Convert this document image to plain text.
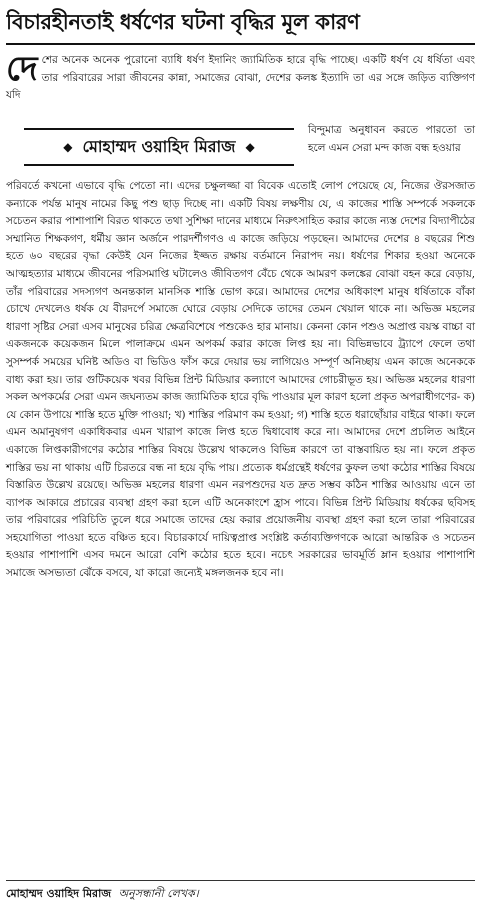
বিচারহীনতাই ধর্ষণের ঘটনা বৃদ্ধির মূল কারণ
দেশের অনেক অনেক পুরোনো ব্যাধি ধর্ষণ ইদানিং জ্যামিতিক হারে বৃদ্ধি পাচ্ছে। একটি ধর্ষণ যে ধর্ষিতা এবং তার পরিবারের সারা জীবনের কান্না, সমাজের বোঝা, দেশের কলঙ্ক ইত্যাদি তা এর সঙ্গে জড়িত ব্যক্তিগণ যদি
◆ মোহাম্মদ ওয়াহিদ মিরাজ ◆
বিন্দুমাত্র অনুধাবন করতে পারতো তা হলে এমন সেরা মন্দ কাজ বন্ধ হওয়ার

পরিবর্তে কখনো এভাবে বৃদ্ধি পেতো না। এদের চক্ষুলজ্জা বা বিবেক এতোই লোপ পেয়েছে যে, নিজের ঔরসজাত কন্যাকে পর্যন্ত মানুষ নামের কিছু পশু ছাড় দিচ্ছে না। একটি বিষয় লক্ষণীয় যে, এ কাজের শাস্তি সম্পর্কে সকলকে সচেতন করার পাশাপাশি বিরত থাকতে তথা সুশিক্ষা দানের মাধ্যমে নিরুৎসাহিত করার কাজে ন্যস্ত দেশের বিদ্যাপীঠের সম্মানিত শিক্ষকগণ, ধর্মীয় জ্ঞান অর্জনে পারদর্শীগণও এ কাজে জড়িয়ে পড়ছেন। আমাদের দেশের ৪ বছরের শিশু হতে ৬০ বছরের বৃদ্ধা কেউই যেন নিজের ইজ্জত রক্ষায় বর্তমানে নিরাপদ নয়। ধর্ষণের শিকার হওয়া অনেকে আত্মহত্যার মাধ্যমে জীবনের পরিসমাপ্তি ঘটালেও জীবিতগণ বেঁচে থেকে আমরণ কলঙ্কের বোঝা বহন করে বেড়ায়, তাঁর পরিবারের সদস্যগণ অনন্তকাল মানসিক শাস্তি ভোগ করে। আমাদের দেশের অধিকাংশ মানুষ ধর্ষিতাকে বাঁকা চোখে দেখলেও ধর্ষক যে বীরদর্পে সমাজে ঘোরে বেড়ায় সেদিকে তাদের তেমন খেয়াল থাকে না। অভিজ্ঞ মহলের ধারণা সৃষ্টির সেরা এসব মানুষের চরিত্র ক্ষেত্রবিশেষে পশুকেও হার মানায়। কেননা কোন পশুও অপ্রাপ্ত বয়স্ক বাচ্চা বা একজনকে কয়েকজন মিলে পালাক্রমে এমন অপকর্ম করার কাজে লিপ্ত হয় না। বিভিন্নভাবে ট্র্যাপে ফেলে তথা সুসম্পর্ক সময়ের ঘনিষ্ট অডিও বা ভিডিও ফাঁস করে দেয়ার ভয় লাগিয়েও সম্পূর্ণ অনিচ্ছায় এমন কাজে অনেককে বাধ্য করা হয়। তার গুটিকয়েক খবর বিভিন্ন প্রিন্ট মিডিয়ার কল্যাণে আমাদের গোচরীভূত হয়। অভিজ্ঞ মহলের ধারণা সকল অপকর্মের সেরা এমন জঘন্যতম কাজ জ্যামিতিক হারে বৃদ্ধি পাওয়ার মূল কারণ হলো প্রকৃত অপরাধীগণের- ক) যে কোন উপায়ে শাস্তি হতে মুক্তি পাওয়া; খ) শাস্তির পরিমাণ কম হওয়া; গ) শাস্তি হতে ধরাছোঁয়ার বাইরে থাকা। ফলে এমন অমানুষগণ একাধিকবার এমন খারাপ কাজে লিপ্ত হতে দ্বিধাবোধ করে না। আমাদের দেশে প্রচলিত আইনে একাজে লিপ্তকারীগণের কঠোর শাস্তির বিষয়ে উল্লেখ থাকলেও বিভিন্ন কারণে তা বাস্তবায়িত হয় না। ফলে প্রকৃত শাস্তির ভয় না থাকায় এটি চিরতরে বন্ধ না হয়ে বৃদ্ধি পায়। প্রত্যেক ধর্মগ্রন্থেই ধর্ষণের কুফল তথা কঠোর শাস্তির বিষয়ে বিস্তারিত উল্লেখ রয়েছে। অভিজ্ঞ মহলের ধারণা এমন নরপশুদের যত দ্রুত সম্ভব কঠিন শাস্তির আওয়ায় এনে তা ব্যাপক আকারে প্রচারের ব্যবস্থা গ্রহণ করা হলে এটি অনেকাংশে হ্রাস পাবে। বিভিন্ন প্রিন্ট মিডিয়ায় ধর্ষকের ছবিসহ তার পরিবারের পরিচিতি তুলে ধরে সমাজে তাদের হেয় করার প্রয়োজনীয় ব্যবস্থা গ্রহণ করা হলে তারা পরিবারের সহযোগিতা পাওয়া হতে বঞ্চিত হবে। বিচারকার্যে দায়িত্বপ্রাপ্ত সংশ্লিষ্ট কর্তাব্যক্তিগণকে আরো আন্তরিক ও সচেতন হওয়ার পাশাপাশি এসব দমনে আরো বেশি কঠোর হতে হবে। নচেৎ সরকারের ভাবমূর্তি ম্লান হওয়ার পাশাপাশি সমাজে অসভ্যতা ঝেঁকে বসবে, যা কারো জন্যেই মঙ্গলজনক হবে না।

মোহাম্মদ ওয়াহিদ মিরাজ অনুসন্ধানী লেখক।
